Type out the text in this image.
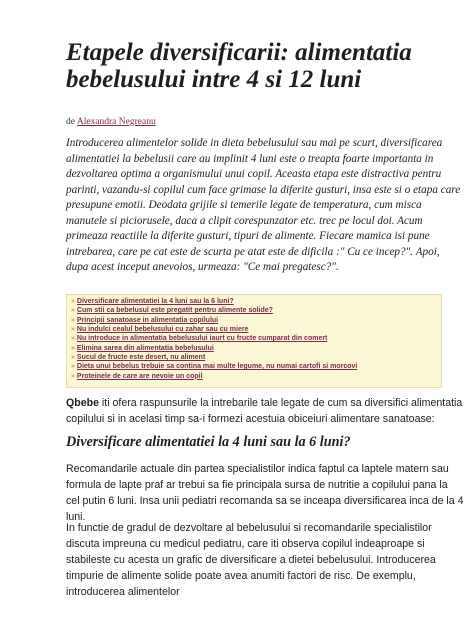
Etapele diversificarii: alimentatia bebelusului intre 4 si 12 luni
de Alexandra Negreanu

Introducerea alimentelor solide in dieta bebelusului sau mai pe scurt, diversificarea alimentatiei la bebelusii care au implinit 4 luni este o treapta foarte importanta in dezvoltarea optima a organismului unui copil. Aceasta etapa este distractiva pentru parinti, vazandu-si copilul cum face grimase la diferite gusturi, insa este si o etapa care presupune emotii. Deodata grijile si temerile legate de temperatura, cum misca manutele si piciorusele, daca a clipit corespunzator etc. trec pe locul doi. Acum primeaza reactiile la diferite gusturi, tipuri de alimente. Fiecare mamica isi pune intrebarea, care pe cat este de scurta pe atat este de dificila :" Cu ce incep?". Apoi, dupa acest inceput anevoios, urmeaza: "Ce mai pregatesc?".

» Diversificare alimentatiei la 4 luni sau la 6 luni?
» Cum stii ca bebelusul este pregatit pentru alimente solide?
» Principii sanatoase in alimentatia copilului
» Nu indulci cealul bebelusului cu zahar sau cu miere
» Nu introduce in alimentatia bebelusului iaurt cu fructe cumparat din comert
» Elimina sarea din alimentatia bebelusului
» Sucul de fructe este desert, nu aliment
» Dieta unui bebelus trebuie sa contina mai multe legume, nu numai cartofi si morcovi
» Proteinele de care are nevoie un copil

Qbebe iti ofera raspunsurile la intrebarile tale legate de cum sa diversifici alimentatia copilului si in acelasi timp sa-i formezi acestuia obiceiuri alimentare sanatoase:

Diversificare alimentatiei la 4 luni sau la 6 luni?

Recomandarile actuale din partea specialistilor indica faptul ca laptele matern sau formula de lapte praf ar trebui sa fie principala sursa de nutritie a copilului pana la cel putin 6 luni. Insa unii pediatri recomanda sa se inceapa diversificarea inca de la 4 luni.

In functie de gradul de dezvoltare al bebelusului si recomandarile specialistilor discuta impreuna cu medicul pediatru, care iti observa copilul indeaproape si stabileste cu acesta un grafic de diversificare a dietei bebelusului. Introducerea timpurie de alimente solide poate avea anumiti factori de risc. De exemplu, introducerea alimentelor
